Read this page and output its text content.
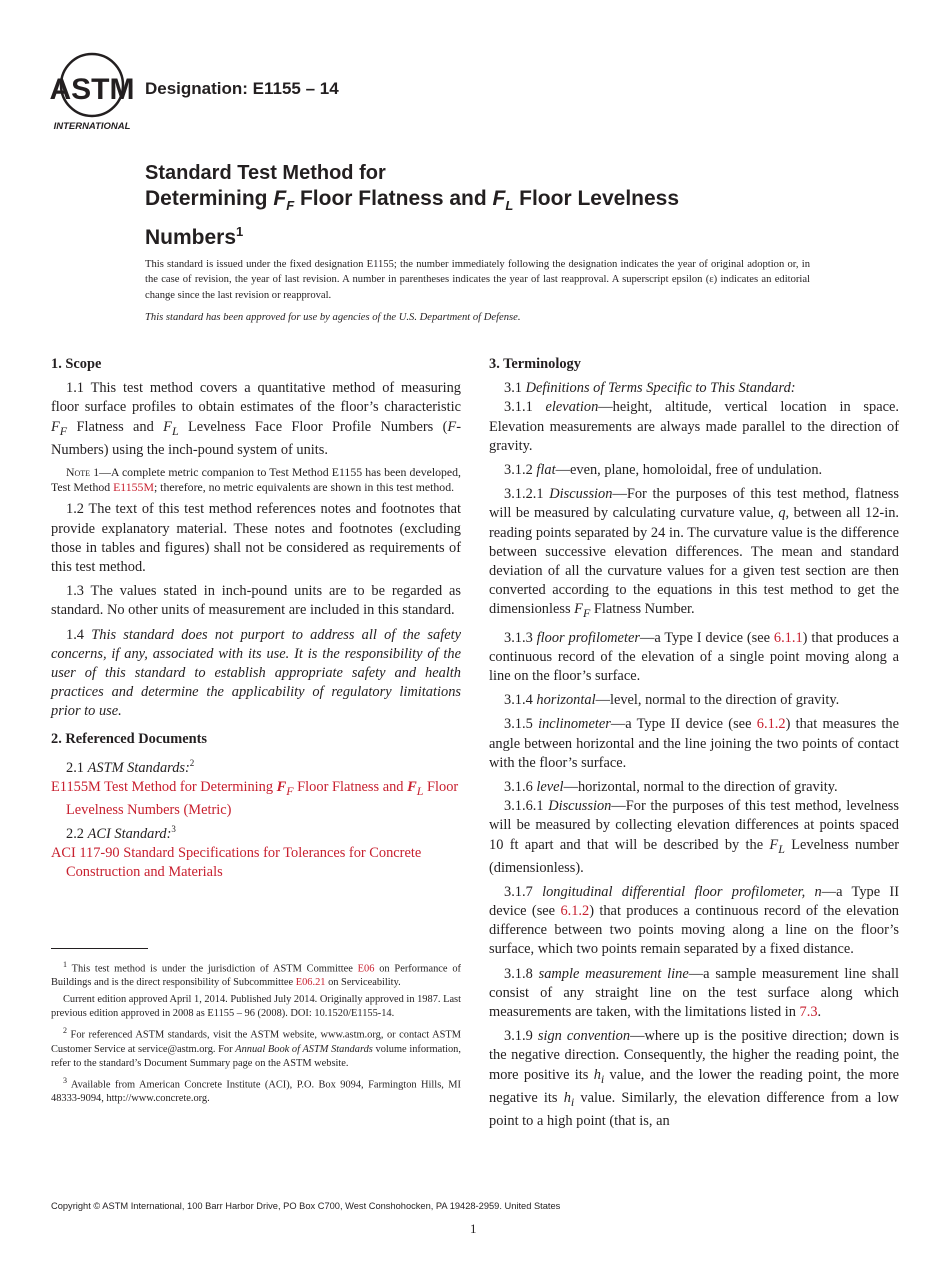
ASTM
INTERNATIONAL
Designation: E1155 – 14
Standard Test Method for
Determining $F_F$ Floor Flatness and $F_L$ Floor Levelness
Numbers$^1$
This standard is issued under the fixed designation E1155; the number immediately following the designation indicates the year of original adoption or, in the case of revision, the year of last revision. A number in parentheses indicates the year of last reapproval. A superscript epsilon (ε) indicates an editorial change since the last revision or reapproval.
This standard has been approved for use by agencies of the U.S. Department of Defense.
1. Scope

1.1 This test method covers a quantitative method of measuring floor surface profiles to obtain estimates of the floor’s characteristic $F_F$ Flatness and $F_L$ Levelness Face Floor Profile Numbers (F-Numbers) using the inch-pound system of units.

Note 1—A complete metric companion to Test Method E1155 has been developed, Test Method E1155M; therefore, no metric equivalents are shown in this test method.

1.2 The text of this test method references notes and footnotes that provide explanatory material. These notes and footnotes (excluding those in tables and figures) shall not be considered as requirements of this test method.

1.3 The values stated in inch-pound units are to be regarded as standard. No other units of measurement are included in this standard.

1.4 This standard does not purport to address all of the safety concerns, if any, associated with its use. It is the responsibility of the user of this standard to establish appropriate safety and health practices and determine the applicability of regulatory limitations prior to use.

2. Referenced Documents

2.1 ASTM Standards:$^2$

E1155M Test Method for Determining $F_F$ Floor Flatness and $F_L$ Floor Levelness Numbers (Metric)

2.2 ACI Standard:$^3$

ACI 117-90 Standard Specifications for Tolerances for Concrete Construction and Materials

$^1$ This test method is under the jurisdiction of ASTM Committee E06 on Performance of Buildings and is the direct responsibility of Subcommittee E06.21 on Serviceability.

Current edition approved April 1, 2014. Published July 2014. Originally approved in 1987. Last previous edition approved in 2008 as E1155 – 96 (2008). DOI: 10.1520/E1155-14.

$^2$ For referenced ASTM standards, visit the ASTM website, www.astm.org, or contact ASTM Customer Service at service@astm.org. For Annual Book of ASTM Standards volume information, refer to the standard’s Document Summary page on the ASTM website.

$^3$ Available from American Concrete Institute (ACI), P.O. Box 9094, Farmington Hills, MI 48333-9094, http://www.concrete.org.

3. Terminology

3.1 Definitions of Terms Specific to This Standard:

3.1.1 elevation—height, altitude, vertical location in space. Elevation measurements are always made parallel to the direction of gravity.

3.1.2 flat—even, plane, homoloidal, free of undulation.

3.1.2.1 Discussion—For the purposes of this test method, flatness will be measured by calculating curvature value, q, between all 12-in. reading points separated by 24 in. The curvature value is the difference between successive elevation differences. The mean and standard deviation of all the curvature values for a given test section are then converted according to the equations in this test method to get the dimensionless $F_F$ Flatness Number.

3.1.3 floor profilometer—a Type I device (see 6.1.1) that produces a continuous record of the elevation of a single point moving along a line on the floor’s surface.

3.1.4 horizontal—level, normal to the direction of gravity.

3.1.5 inclinometer—a Type II device (see 6.1.2) that measures the angle between horizontal and the line joining the two points of contact with the floor’s surface.

3.1.6 level—horizontal, normal to the direction of gravity.

3.1.6.1 Discussion—For the purposes of this test method, levelness will be measured by collecting elevation differences at points spaced 10 ft apart and that will be described by the $F_L$ Levelness number (dimensionless).

3.1.7 longitudinal differential floor profilometer, n—a Type II device (see 6.1.2) that produces a continuous record of the elevation difference between two points moving along a line on the floor’s surface, which two points remain separated by a fixed distance.

3.1.8 sample measurement line—a sample measurement line shall consist of any straight line on the test surface along which measurements are taken, with the limitations listed in 7.3.

3.1.9 sign convention—where up is the positive direction; down is the negative direction. Consequently, the higher the reading point, the more positive its $h_i$ value, and the lower the reading point, the more negative its $h_i$ value. Similarly, the elevation difference from a low point to a high point (that is, an

Copyright © ASTM International, 100 Barr Harbor Drive, PO Box C700, West Conshohocken, PA 19428-2959. United States
1
